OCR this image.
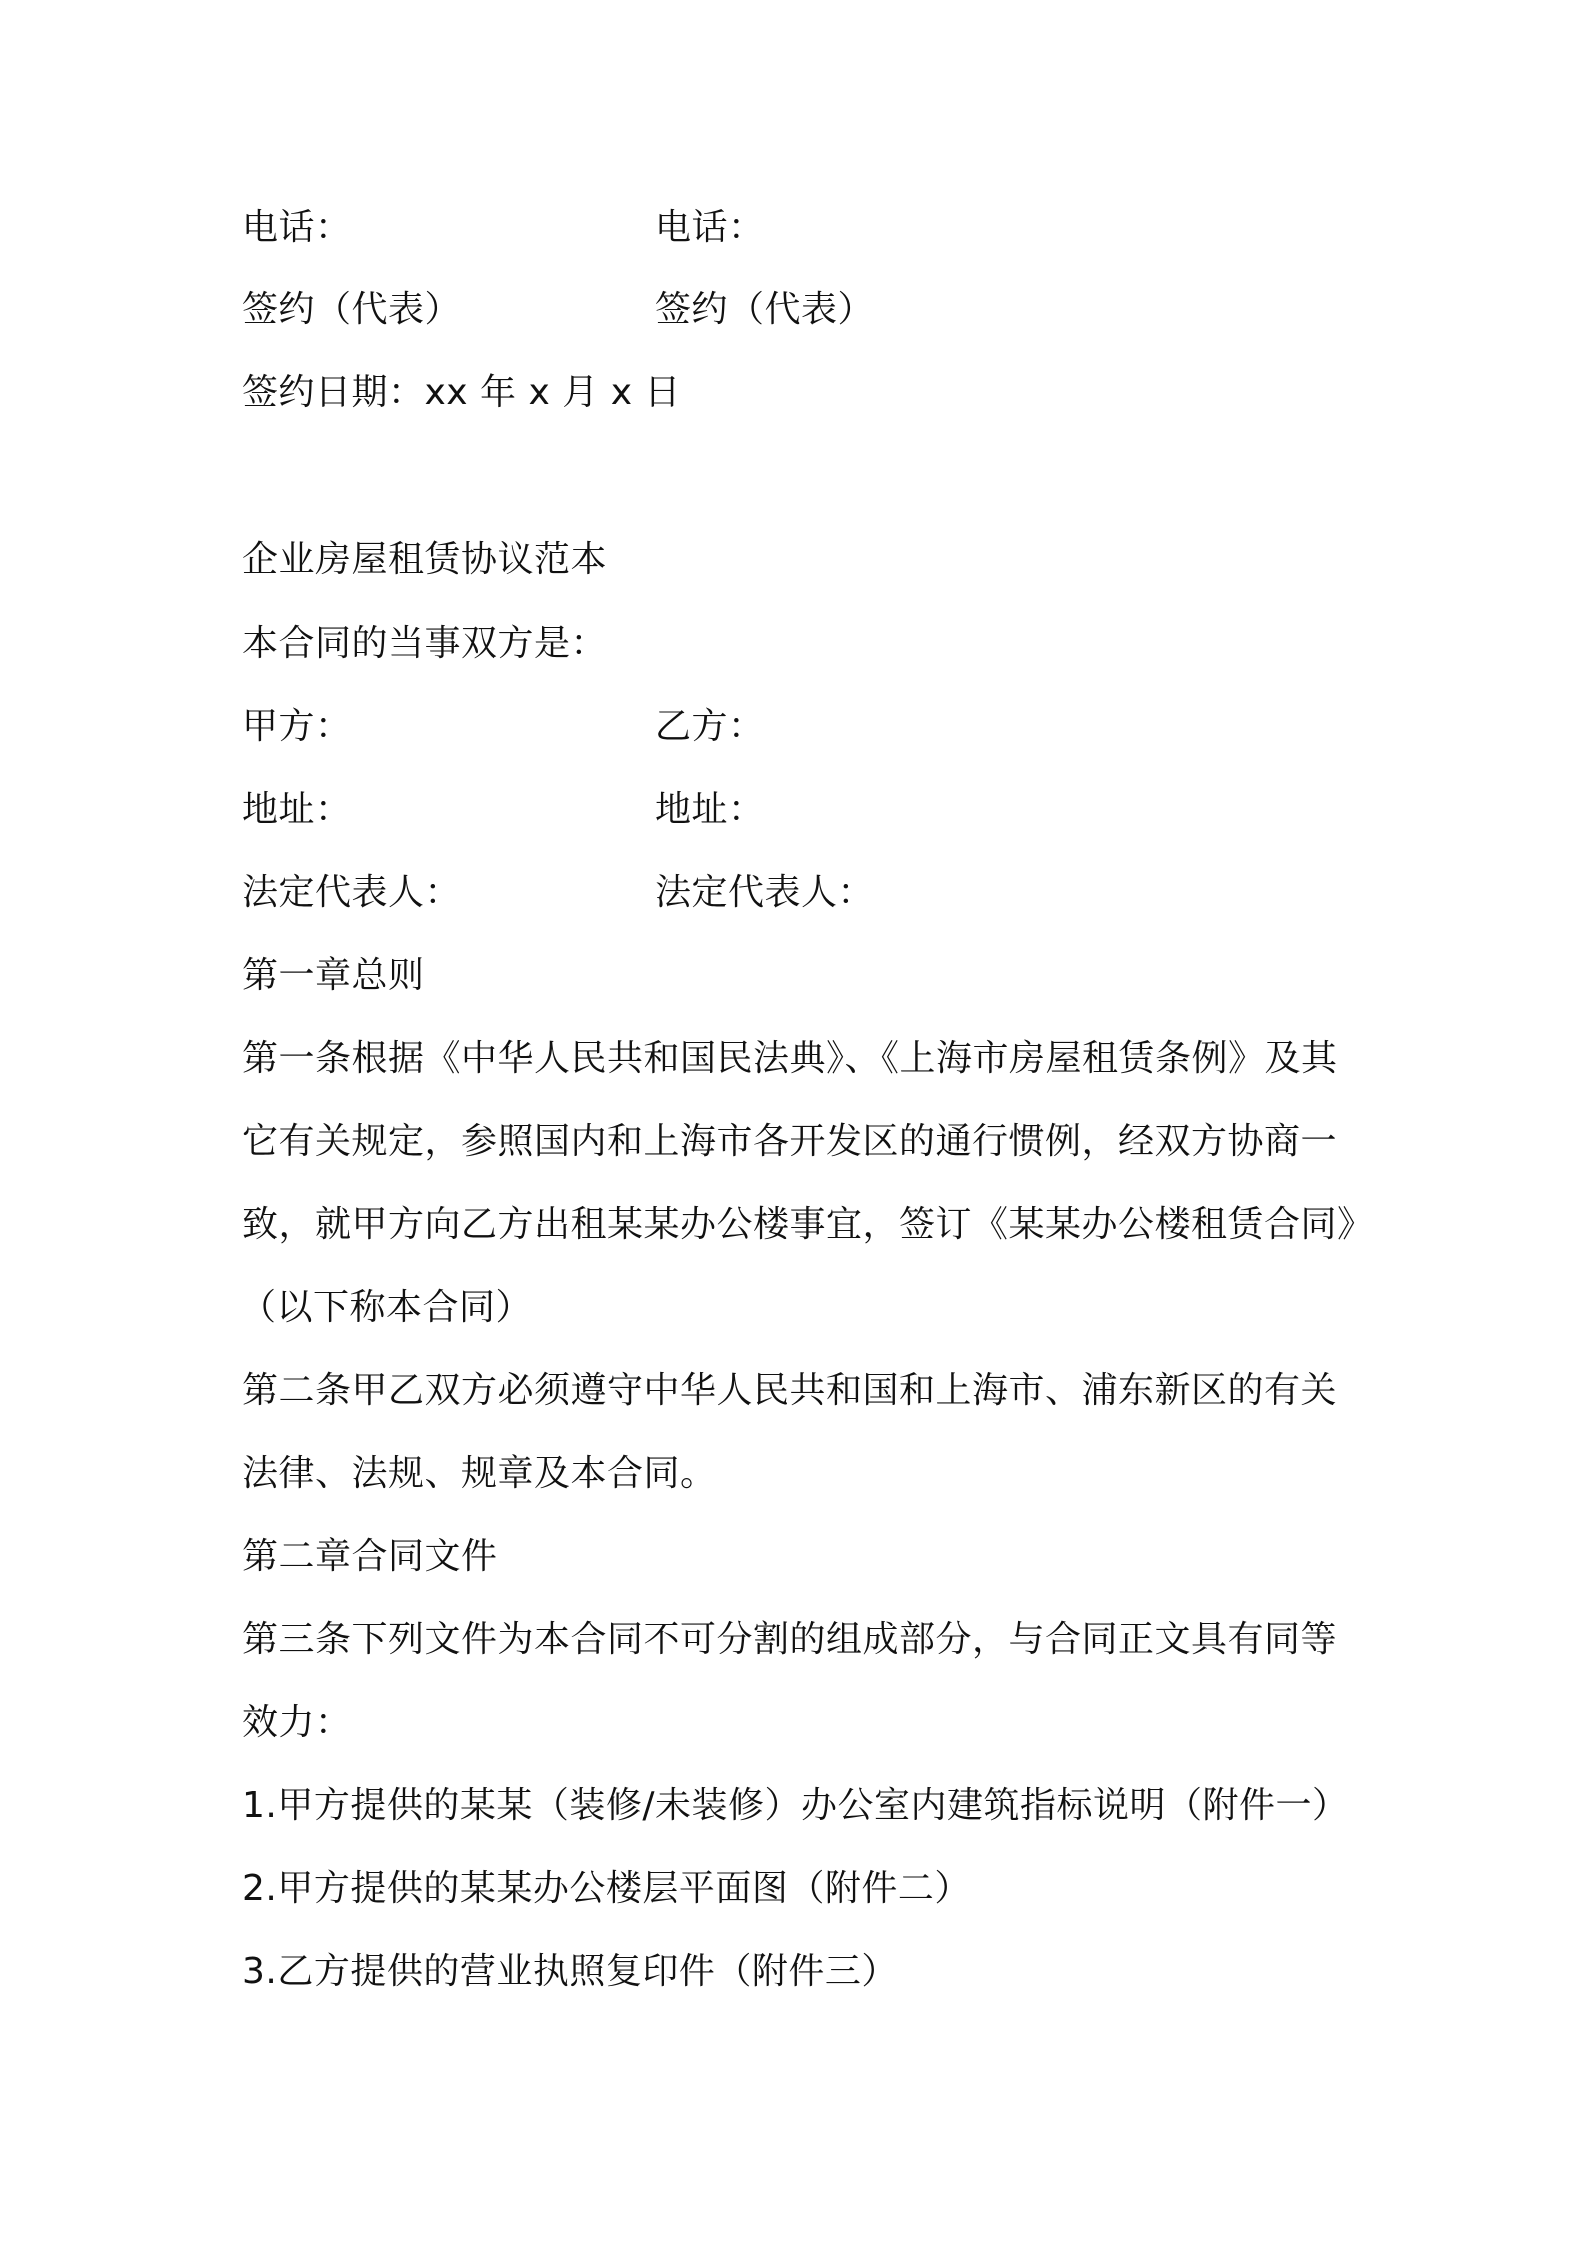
电话：	电话：
签约（代表）	签约（代表）
签约日期：xx 年 x 月 x 日
企业房屋租赁协议范本
本合同的当事双方是：
甲方：	乙方：
地址：	地址：
法定代表人：	法定代表人：
第一章总则
第一条根据《中华人民共和国民法典》、《上海市房屋租赁条例》及其
它有关规定，参照国内和上海市各开发区的通行惯例，经双方协商一
致，就甲方向乙方出租某某办公楼事宜，签订《某某办公楼租赁合同》
（以下称本合同）
第二条甲乙双方必须遵守中华人民共和国和上海市、浦东新区的有关
法律、法规、规章及本合同。
第二章合同文件
第三条下列文件为本合同不可分割的组成部分，与合同正文具有同等
效力：
1.甲方提供的某某（装修/未装修）办公室内建筑指标说明（附件一）
2.甲方提供的某某办公楼层平面图（附件二）
3.乙方提供的营业执照复印件（附件三）
